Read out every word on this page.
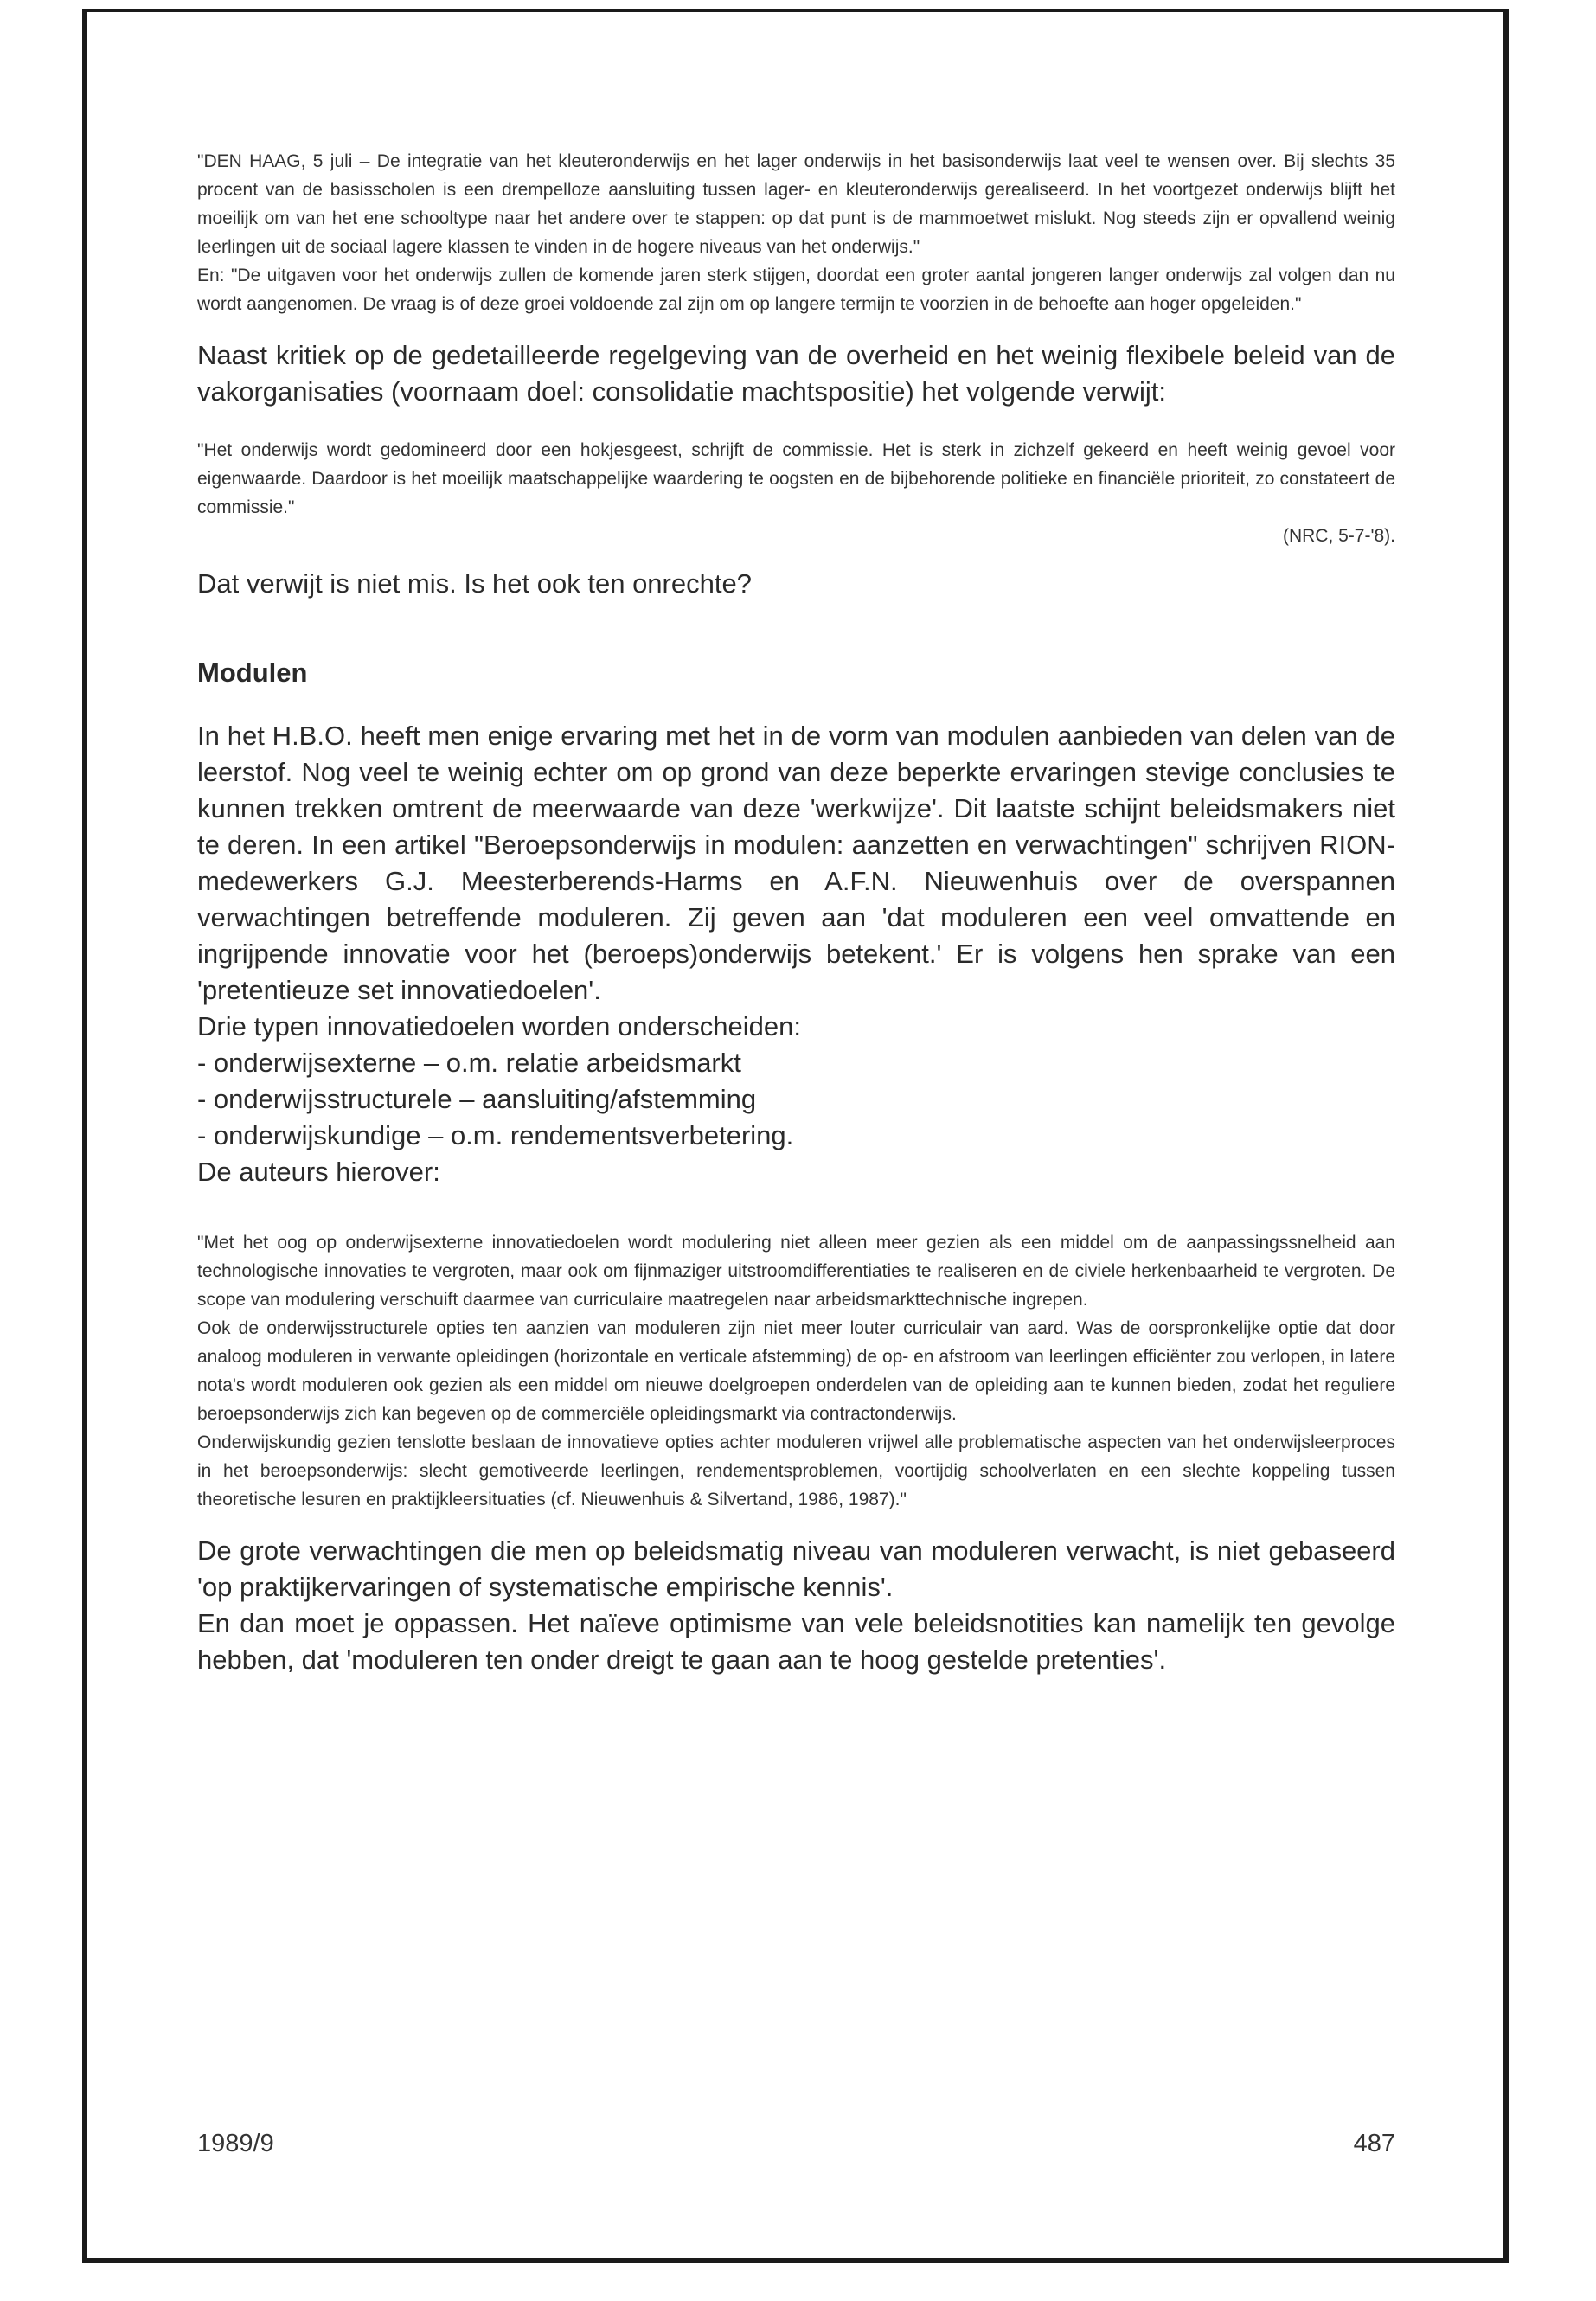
"DEN HAAG, 5 juli – De integratie van het kleuteronderwijs en het lager onderwijs in het basisonderwijs laat veel te wensen over. Bij slechts 35 procent van de basisscholen is een drempelloze aansluiting tussen lager- en kleuteronderwijs gerealiseerd. In het voortgezet onderwijs blijft het moeilijk om van het ene schooltype naar het andere over te stappen: op dat punt is de mammoetwet mislukt. Nog steeds zijn er opvallend weinig leerlingen uit de sociaal lagere klassen te vinden in de hogere niveaus van het onderwijs."

En: "De uitgaven voor het onderwijs zullen de komende jaren sterk stijgen, doordat een groter aantal jongeren langer onderwijs zal volgen dan nu wordt aangenomen. De vraag is of deze groei voldoende zal zijn om op langere termijn te voorzien in de behoefte aan hoger opgeleiden."

Naast kritiek op de gedetailleerde regelgeving van de overheid en het weinig flexibele beleid van de vakorganisaties (voornaam doel: consolidatie machtspositie) het volgende verwijt:

"Het onderwijs wordt gedomineerd door een hokjesgeest, schrijft de commissie. Het is sterk in zichzelf gekeerd en heeft weinig gevoel voor eigenwaarde. Daardoor is het moeilijk maatschappelijke waardering te oogsten en de bijbehorende politieke en financiële prioriteit, zo constateert de commissie."

(NRC, 5-7-'8).

Dat verwijt is niet mis. Is het ook ten onrechte?

Modulen

In het H.B.O. heeft men enige ervaring met het in de vorm van modulen aanbieden van delen van de leerstof. Nog veel te weinig echter om op grond van deze beperkte ervaringen stevige conclusies te kunnen trekken omtrent de meerwaarde van deze 'werkwijze'. Dit laatste schijnt beleidsmakers niet te deren. In een artikel "Beroepsonderwijs in modulen: aanzetten en verwachtingen" schrijven RION-medewerkers G.J. Meesterberends-Harms en A.F.N. Nieuwenhuis over de overspannen verwachtingen betreffende moduleren. Zij geven aan 'dat moduleren een veel omvattende en ingrijpende innovatie voor het (beroeps)onderwijs betekent.' Er is volgens hen sprake van een 'pretentieuze set innovatiedoelen'.

Drie typen innovatiedoelen worden onderscheiden:

- onderwijsexterne – o.m. relatie arbeidsmarkt
- onderwijsstructurele – aansluiting/afstemming
- onderwijskundige – o.m. rendementsverbetering.

De auteurs hierover:

"Met het oog op onderwijsexterne innovatiedoelen wordt modulering niet alleen meer gezien als een middel om de aanpassingssnelheid aan technologische innovaties te vergroten, maar ook om fijnmaziger uitstroomdifferentiaties te realiseren en de civiele herkenbaarheid te vergroten. De scope van modulering verschuift daarmee van curriculaire maatregelen naar arbeidsmarkttechnische ingrepen.

Ook de onderwijsstructurele opties ten aanzien van moduleren zijn niet meer louter curriculair van aard. Was de oorspronkelijke optie dat door analoog moduleren in verwante opleidingen (horizontale en verticale afstemming) de op- en afstroom van leerlingen efficiënter zou verlopen, in latere nota's wordt moduleren ook gezien als een middel om nieuwe doelgroepen onderdelen van de opleiding aan te kunnen bieden, zodat het reguliere beroepsonderwijs zich kan begeven op de commerciële opleidingsmarkt via contractonderwijs.

Onderwijskundig gezien tenslotte beslaan de innovatieve opties achter moduleren vrijwel alle problematische aspecten van het onderwijsleerproces in het beroepsonderwijs: slecht gemotiveerde leerlingen, rendementsproblemen, voortijdig schoolverlaten en een slechte koppeling tussen theoretische lesuren en praktijkleersituaties (cf. Nieuwenhuis & Silvertand, 1986, 1987)."

De grote verwachtingen die men op beleidsmatig niveau van moduleren verwacht, is niet gebaseerd 'op praktijkervaringen of systematische empirische kennis'.

En dan moet je oppassen. Het naïeve optimisme van vele beleidsnotities kan namelijk ten gevolge hebben, dat 'moduleren ten onder dreigt te gaan aan te hoog gestelde pretenties'.

1989/9	487
